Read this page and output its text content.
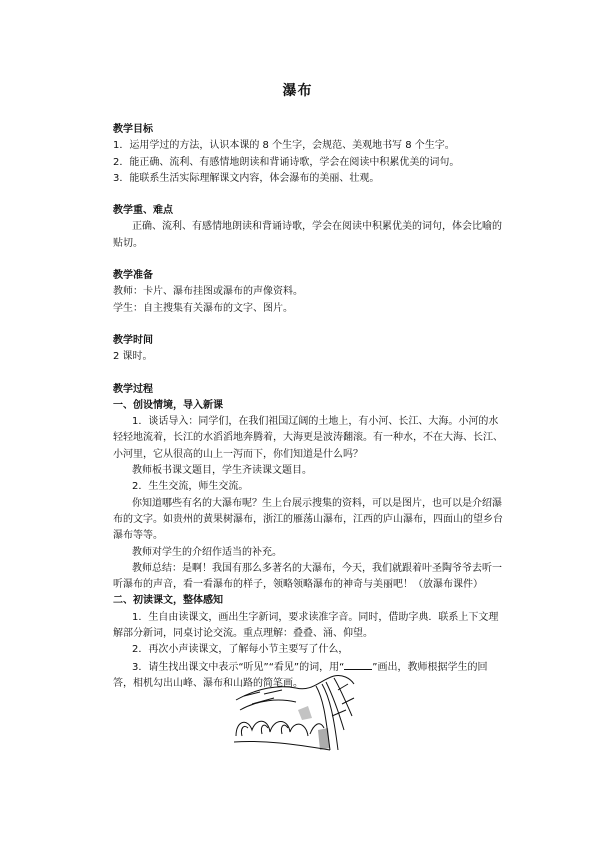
瀑布

教学目标

1．运用学过的方法，认识本课的 8 个生字，会规范、美观地书写 8 个生字。

2．能正确、流利、有感情地朗读和背诵诗歌，学会在阅读中积累优美的词句。

3．能联系生活实际理解课文内容，体会瀑布的美丽、壮观。

教学重、难点

正确、流利、有感情地朗读和背诵诗歌，学会在阅读中积累优美的词句，体会比喻的贴切。

教学准备

教师：卡片、瀑布挂图或瀑布的声像资料。

学生：自主搜集有关瀑布的文字、图片。

教学时间

2 课时。

教学过程

一、创设情境，导入新课

1．谈话导入：同学们，在我们祖国辽阔的土地上，有小河、长江、大海。小河的水轻轻地流着，长江的水滔滔地奔腾着，大海更是波涛翻滚。有一种水，不在大海、长江、小河里，它从很高的山上一泻而下，你们知道是什么吗？

教师板书课文题目，学生齐读课文题目。

2．生生交流，师生交流。

你知道哪些有名的大瀑布呢？生上台展示搜集的资料，可以是图片，也可以是介绍瀑布的文字。如贵州的黄果树瀑布，浙江的雁荡山瀑布，江西的庐山瀑布，四面山的望乡台瀑布等等。

教师对学生的介绍作适当的补充。

教师总结：是啊！我国有那么多著名的大瀑布，今天，我们就跟着叶圣陶爷爷去听一听瀑布的声音，看一看瀑布的样子，领略领略瀑布的神奇与美丽吧！（放瀑布课件）

二、初读课文，整体感知

1．生自由读课文，画出生字新词，要求读准字音。同时，借助字典．联系上下文理解部分新词，同桌讨论交流。重点理解：叠叠、涌、仰望。

2．再次小声读课文，了解每小节主要写了什么，

3．请生找出课文中表示“听见”“看见”的词，用“	”画出，教师根据学生的回答，相机勾出山峰、瀑布和山路的简笔画。
